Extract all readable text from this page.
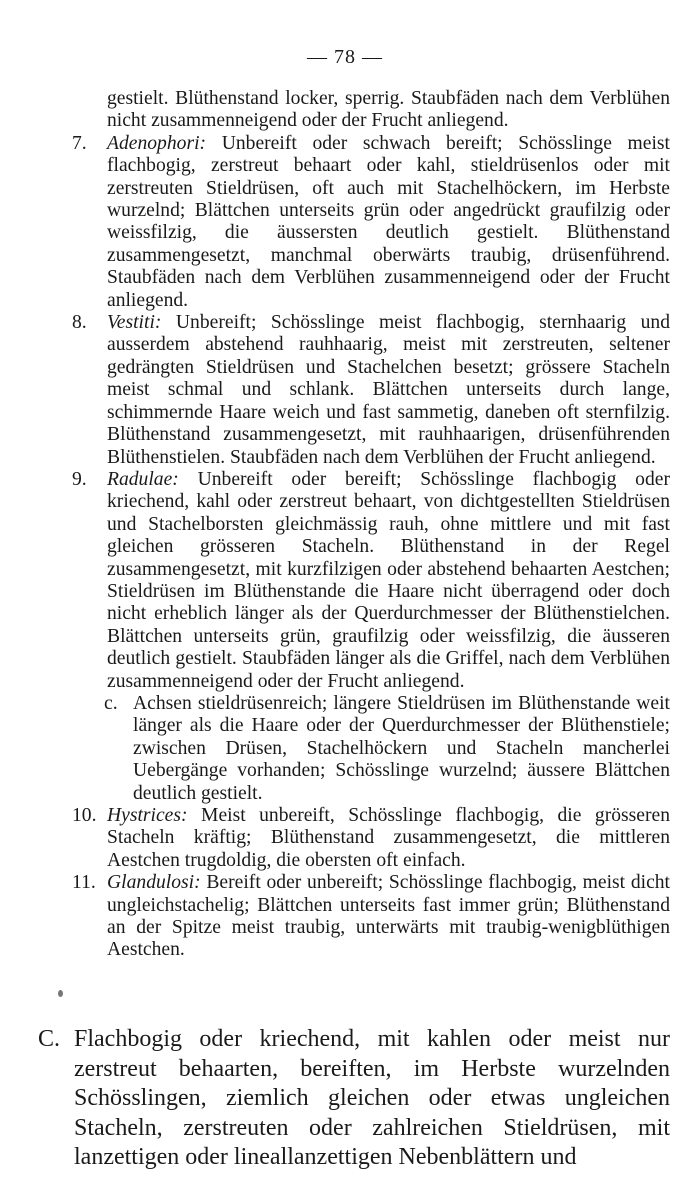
— 78 —

gestielt. Blüthenstand locker, sperrig. Staubfäden nach dem Verblühen nicht zusammenneigend oder der Frucht anliegend.

7.	Adenophori: Unbereift oder schwach bereift; Schösslinge meist flachbogig, zerstreut behaart oder kahl, stieldrüsenlos oder mit zerstreuten Stieldrüsen, oft auch mit Stachelhöckern, im Herbste wurzelnd; Blättchen unterseits grün oder angedrückt graufilzig oder weissfilzig, die äussersten deutlich gestielt. Blüthenstand zusammengesetzt, manchmal oberwärts traubig, drüsenführend. Staubfäden nach dem Verblühen zusammenneigend oder der Frucht anliegend.

8.	Vestiti: Unbereift; Schösslinge meist flachbogig, sternhaarig und ausserdem abstehend rauhhaarig, meist mit zerstreuten, seltener gedrängten Stieldrüsen und Stachelchen besetzt; grössere Stacheln meist schmal und schlank. Blättchen unterseits durch lange, schimmernde Haare weich und fast sammetig, daneben oft sternfilzig. Blüthenstand zusammengesetzt, mit rauhhaarigen, drüsenführenden Blüthenstielen. Staubfäden nach dem Verblühen der Frucht anliegend.

9.	Radulae: Unbereift oder bereift; Schösslinge flachbogig oder kriechend, kahl oder zerstreut behaart, von dichtgestellten Stieldrüsen und Stachelborsten gleichmässig rauh, ohne mittlere und mit fast gleichen grösseren Stacheln. Blüthenstand in der Regel zusammengesetzt, mit kurzfilzigen oder abstehend behaarten Aestchen; Stieldrüsen im Blüthenstande die Haare nicht überragend oder doch nicht erheblich länger als der Querdurchmesser der Blüthenstielchen. Blättchen unterseits grün, graufilzig oder weissfilzig, die äusseren deutlich gestielt. Staubfäden länger als die Griffel, nach dem Verblühen zusammenneigend oder der Frucht anliegend.

c. Achsen stieldrüsenreich; längere Stieldrüsen im Blüthenstande weit länger als die Haare oder der Querdurchmesser der Blüthenstiele; zwischen Drüsen, Stachelhöckern und Stacheln mancherlei Uebergänge vorhanden; Schösslinge wurzelnd; äussere Blättchen deutlich gestielt.

10. Hystrices: Meist unbereift, Schösslinge flachbogig, die grösseren Stacheln kräftig; Blüthenstand zusammengesetzt, die mittleren Aestchen trugdoldig, die obersten oft einfach.

11. Glandulosi: Bereift oder unbereift; Schösslinge flachbogig, meist dicht ungleichstachelig; Blättchen unterseits fast immer grün; Blüthenstand an der Spitze meist traubig, unterwärts mit traubig-wenigblüthigen Aestchen.

C. Flachbogig oder kriechend, mit kahlen oder meist nur zerstreut behaarten, bereiften, im Herbste wurzelnden Schösslingen, ziemlich gleichen oder etwas ungleichen Stacheln, zerstreuten oder zahlreichen Stieldrüsen, mit lanzettigen oder lineallanzettigen Nebenblättern und
